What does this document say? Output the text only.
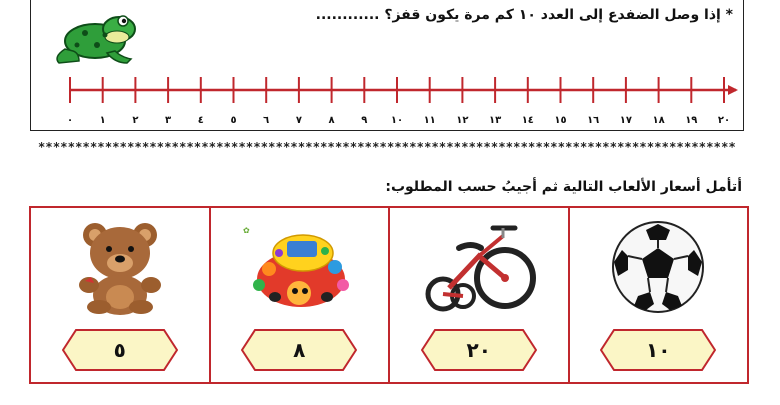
* إذا وصل الضفدع إلى العدد ١٠ كم مرة يكون قفز؟ ............
٠	١	٢	٣	٤	٥	٦	٧	٨	٩ ١٠ ١١ ١٢ ١٣ ١٤ ١٥ ١٦ ١٧ ١٨ ١٩ ٢٠
**********************************************************************************************
أتأمل أسعار الألعاب التالية ثم أجيبُ حسب المطلوب:
٥
✿
٨	٢٠	١٠
